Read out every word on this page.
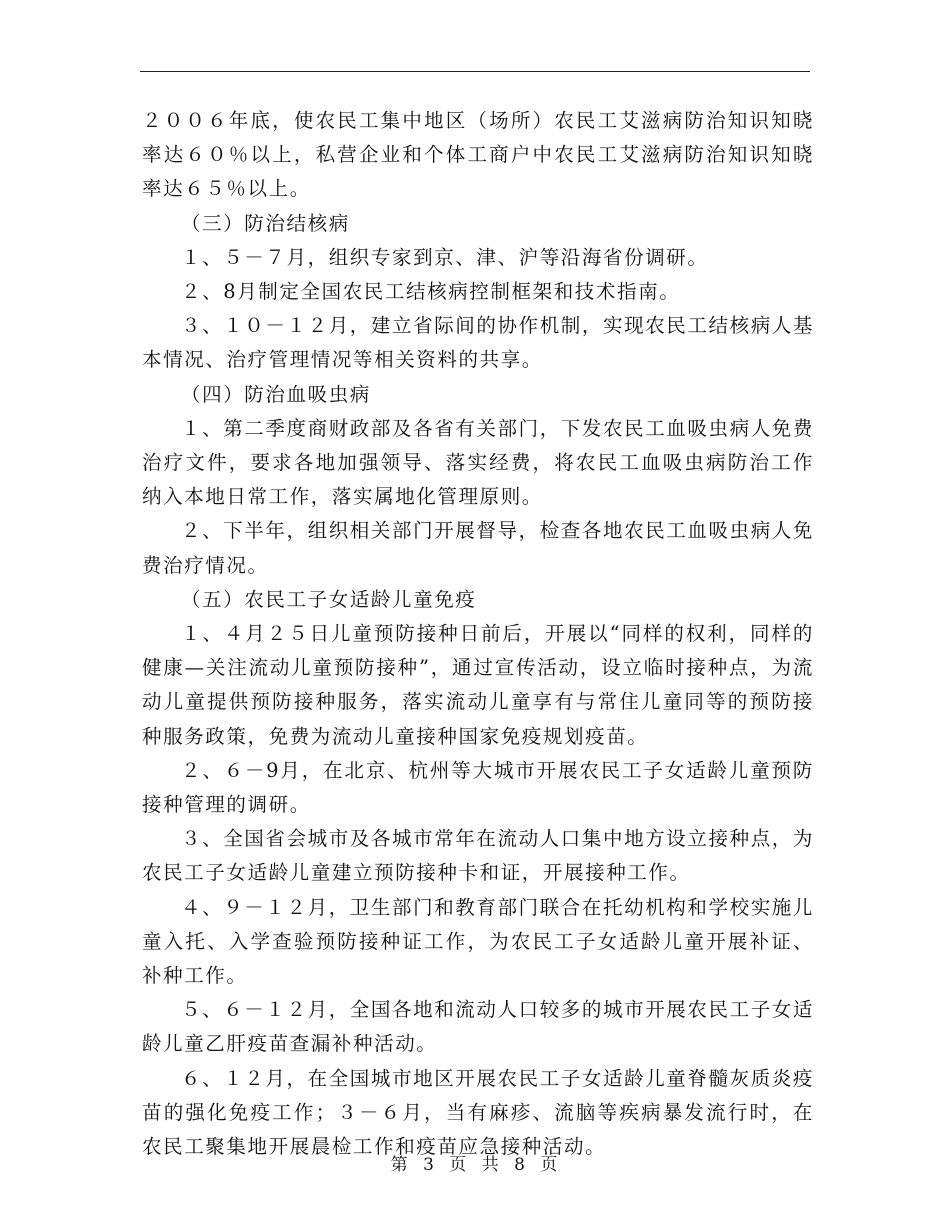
２００６年底，使农民工集中地区（场所）农民工艾滋病防治知识知晓率达６０％以上，私营企业和个体工商户中农民工艾滋病防治知识知晓率达６５％以上。

（三）防治结核病

１、５－７月，组织专家到京、津、沪等沿海省份调研。

２、8月制定全国农民工结核病控制框架和技术指南。

３、１０－１２月，建立省际间的协作机制，实现农民工结核病人基本情况、治疗管理情况等相关资料的共享。

（四）防治血吸虫病

１、第二季度商财政部及各省有关部门，下发农民工血吸虫病人免费治疗文件，要求各地加强领导、落实经费，将农民工血吸虫病防治工作纳入本地日常工作，落实属地化管理原则。

２、下半年，组织相关部门开展督导，检查各地农民工血吸虫病人免费治疗情况。

（五）农民工子女适龄儿童免疫

１、４月２５日儿童预防接种日前后，开展以“同样的权利，同样的健康—关注流动儿童预防接种”，通过宣传活动，设立临时接种点，为流动儿童提供预防接种服务，落实流动儿童享有与常住儿童同等的预防接种服务政策，免费为流动儿童接种国家免疫规划疫苗。

２、６－9月，在北京、杭州等大城市开展农民工子女适龄儿童预防接种管理的调研。

３、全国省会城市及各城市常年在流动人口集中地方设立接种点，为农民工子女适龄儿童建立预防接种卡和证，开展接种工作。

４、９－１２月，卫生部门和教育部门联合在托幼机构和学校实施儿童入托、入学查验预防接种证工作，为农民工子女适龄儿童开展补证、补种工作。

５、６－１２月，全国各地和流动人口较多的城市开展农民工子女适龄儿童乙肝疫苗查漏补种活动。

６、１２月，在全国城市地区开展农民工子女适龄儿童脊髓灰质炎疫苗的强化免疫工作；３－６月，当有麻疹、流脑等疾病暴发流行时，在农民工聚集地开展晨检工作和疫苗应急接种活动。

第 3 页 共 8 页
